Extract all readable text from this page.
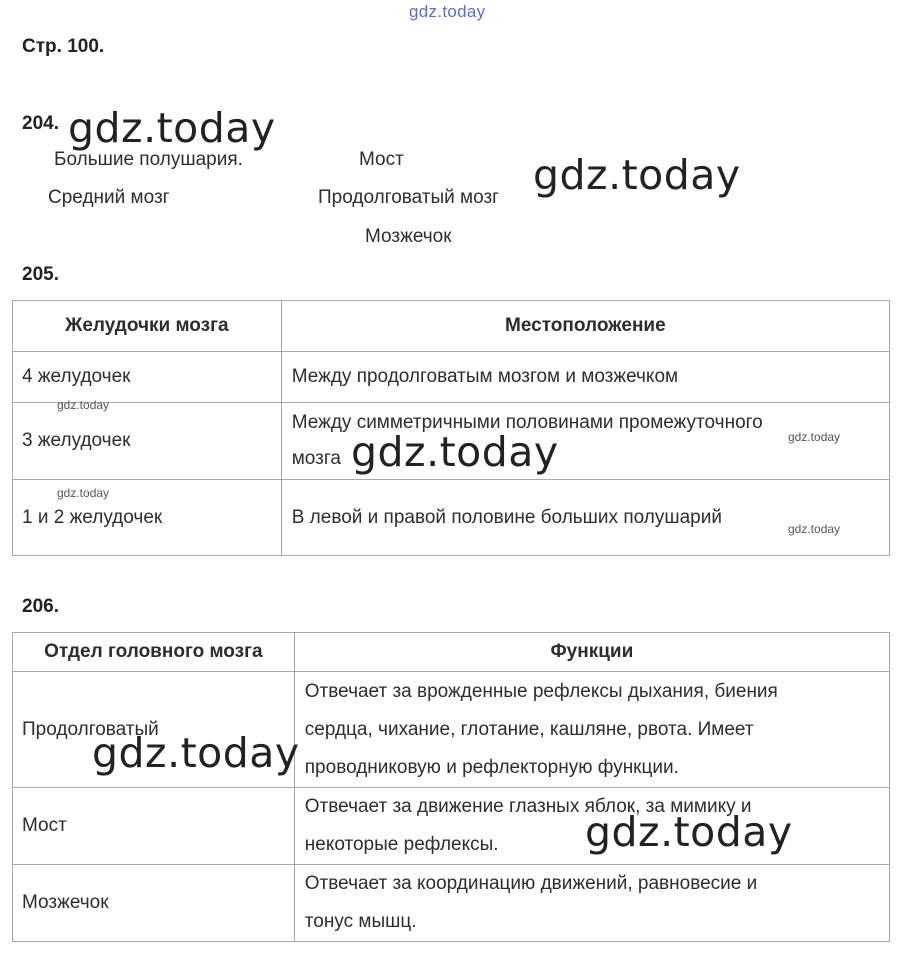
gdz.today
Стр. 100.
204. gdz.today
Большие полушария.	Мост	gdz.today
Средний мозг	Продолговатый мозг
Мозжечок
205.
Желудочки мозга	Местоположение
4 желудочек	Между продолговатым мозгом и мозжечком
3 желудочек	Между симметричными половинами промежуточного
мозга

1 и 2 желудочек	В левой и правой половине больших полушарий
gdz.today
gdz.today
gdz.today
gdz.today
gdz.today
206.
Отдел головного мозга	Функции
Продолговатый	Отвечает за врожденные рефлексы дыхания, биения
сердца, чихание, глотание, кашляне, рвота. Имеет
проводниковую и рефлекторную функции.

Мост	Отвечает за движение глазных яблок, за мимику и
некоторые рефлексы.

Мозжечок	Отвечает за координацию движений, равновесие и
тонус мышц.
gdz.today
gdz.today
